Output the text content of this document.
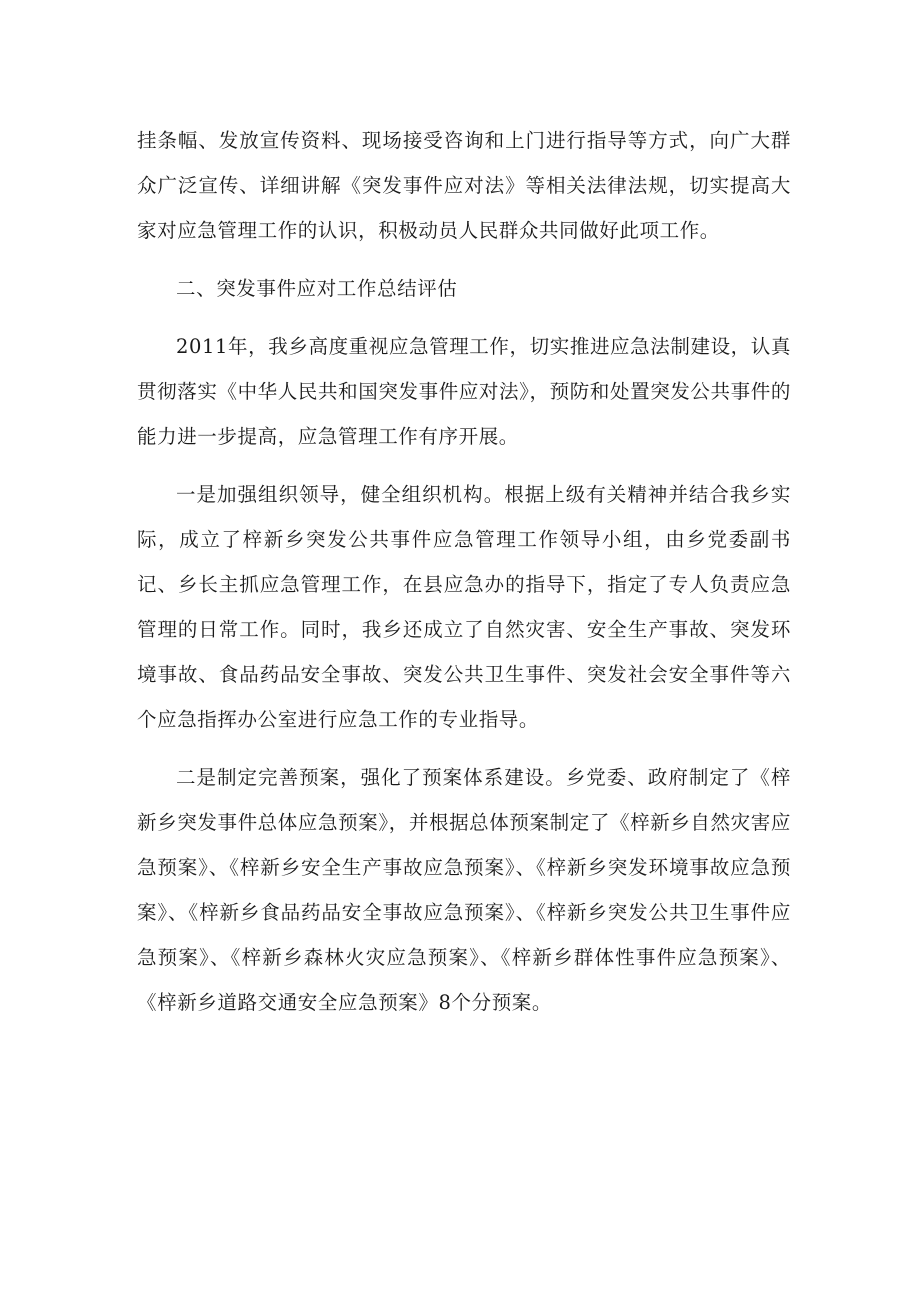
挂条幅、发放宣传资料、现场接受咨询和上门进行指导等方式，向广大群众广泛宣传、详细讲解《突发事件应对法》等相关法律法规，切实提高大家对应急管理工作的认识，积极动员人民群众共同做好此项工作。

二、突发事件应对工作总结评估

2011年，我乡高度重视应急管理工作，切实推进应急法制建设，认真贯彻落实《中华人民共和国突发事件应对法》，预防和处置突发公共事件的能力进一步提高，应急管理工作有序开展。

一是加强组织领导，健全组织机构。根据上级有关精神并结合我乡实际，成立了梓新乡突发公共事件应急管理工作领导小组，由乡党委副书记、乡长主抓应急管理工作，在县应急办的指导下，指定了专人负责应急管理的日常工作。同时，我乡还成立了自然灾害、安全生产事故、突发环境事故、食品药品安全事故、突发公共卫生事件、突发社会安全事件等六个应急指挥办公室进行应急工作的专业指导。

二是制定完善预案，强化了预案体系建设。乡党委、政府制定了《梓新乡突发事件总体应急预案》，并根据总体预案制定了《梓新乡自然灾害应急预案》、《梓新乡安全生产事故应急预案》、《梓新乡突发环境事故应急预案》、《梓新乡食品药品安全事故应急预案》、《梓新乡突发公共卫生事件应急预案》、《梓新乡森林火灾应急预案》、《梓新乡群体性事件应急预案》、《梓新乡道路交通安全应急预案》8个分预案。
